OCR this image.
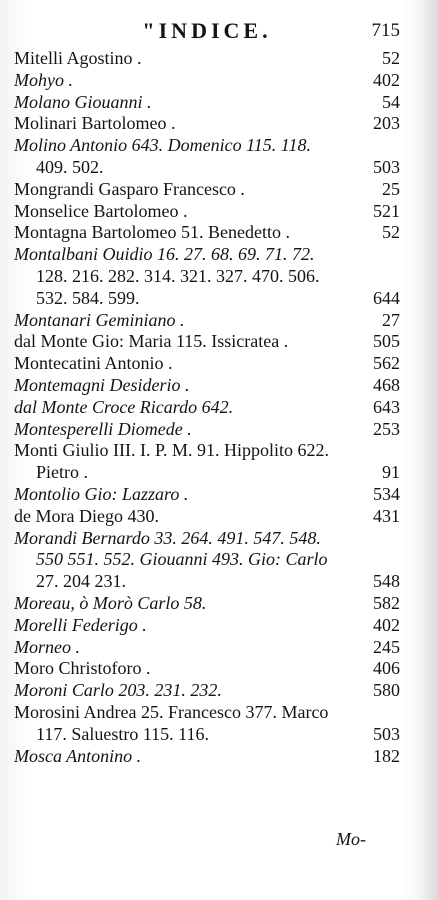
"INDICE.	715
Mitelli Agostino .	52
Mohyo .	402
Molano Giouanni .	54
Molinari Bartolomeo .	203
Molino Antonio 643. Domenico 115. 118.
409. 502.	503
Mongrandi Gasparo Francesco .	25
Monselice Bartolomeo .	521
Montagna Bartolomeo 51. Benedetto .	52
Montalbani Ouidio 16. 27. 68. 69. 71. 72.
128. 216. 282. 314. 321. 327. 470. 506.
532. 584. 599.	644
Montanari Geminiano .	27
dal Monte Gio: Maria 115. Issicratea .	505
Montecatini Antonio .	562
Montemagni Desiderio .	468
dal Monte Croce Ricardo 642.	643
Montesperelli Diomede .	253
Monti Giulio III. I. P. M. 91. Hippolito 622.
Pietro .	91
Montolio Gio: Lazzaro .	534
de Mora Diego 430.	431
Morandi Bernardo 33. 264. 491. 547. 548.
550 551. 552. Giouanni 493. Gio: Carlo
27. 204 231.	548
Moreau, ò Morò Carlo 58.	582
Morelli Federigo .	402
Morneo .	245
Moro Christoforo .	406
Moroni Carlo 203. 231. 232.	580
Morosini Andrea 25. Francesco 377. Marco
117. Saluestro 115. 116.	503
Mosca Antonino .	182
Mo-
